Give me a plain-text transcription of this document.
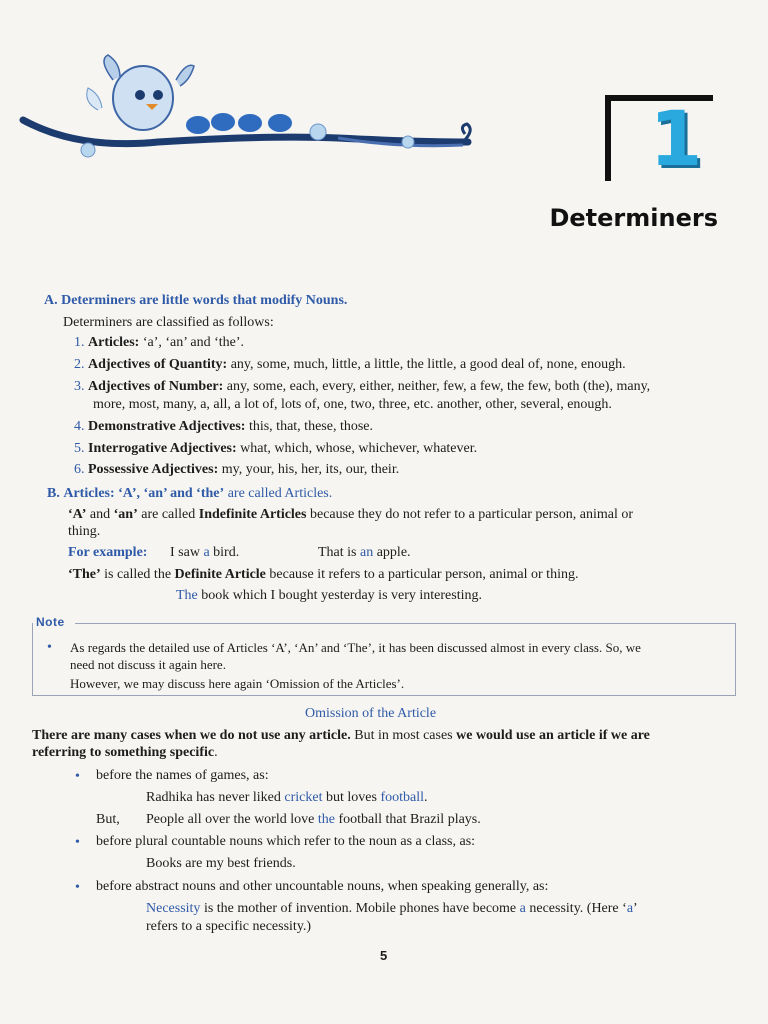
1
Determiners
A. Determiners are little words that modify Nouns.
Determiners are classified as follows:
1. Articles: ‘a’, ‘an’ and ‘the’.
2. Adjectives of Quantity: any, some, much, little, a little, the little, a good deal of, none, enough.
3. Adjectives of Number: any, some, each, every, either, neither, few, a few, the few, both (the), many,
more, most, many, a, all, a lot of, lots of, one, two, three, etc. another, other, several, enough.
4. Demonstrative Adjectives: this, that, these, those.
5. Interrogative Adjectives: what, which, whose, whichever, whatever.
6. Possessive Adjectives: my, your, his, her, its, our, their.
B. Articles: ‘A’, ‘an’ and ‘the’ are called Articles.
‘A’ and ‘an’ are called Indefinite Articles because they do not refer to a particular person, animal or
thing.
For example: I saw a bird.	That is an apple.
‘The’ is called the Definite Article because it refers to a particular person, animal or thing.
The book which I bought yesterday is very interesting.
Note
• As regards the detailed use of Articles ‘A’, ‘An’ and ‘The’, it has been discussed almost in every class. So, we
need not discuss it again here.
However, we may discuss here again ‘Omission of the Articles’.
Omission of the Article
There are many cases when we do not use any article. But in most cases we would use an article if we are
referring to something specific.
• before the names of games, as:
Radhika has never liked cricket but loves football.
But, People all over the world love the football that Brazil plays.
• before plural countable nouns which refer to the noun as a class, as:
Books are my best friends.
• before abstract nouns and other uncountable nouns, when speaking generally, as:
Necessity is the mother of invention. Mobile phones have become a necessity. (Here ‘a’
refers to a specific necessity.)
5
